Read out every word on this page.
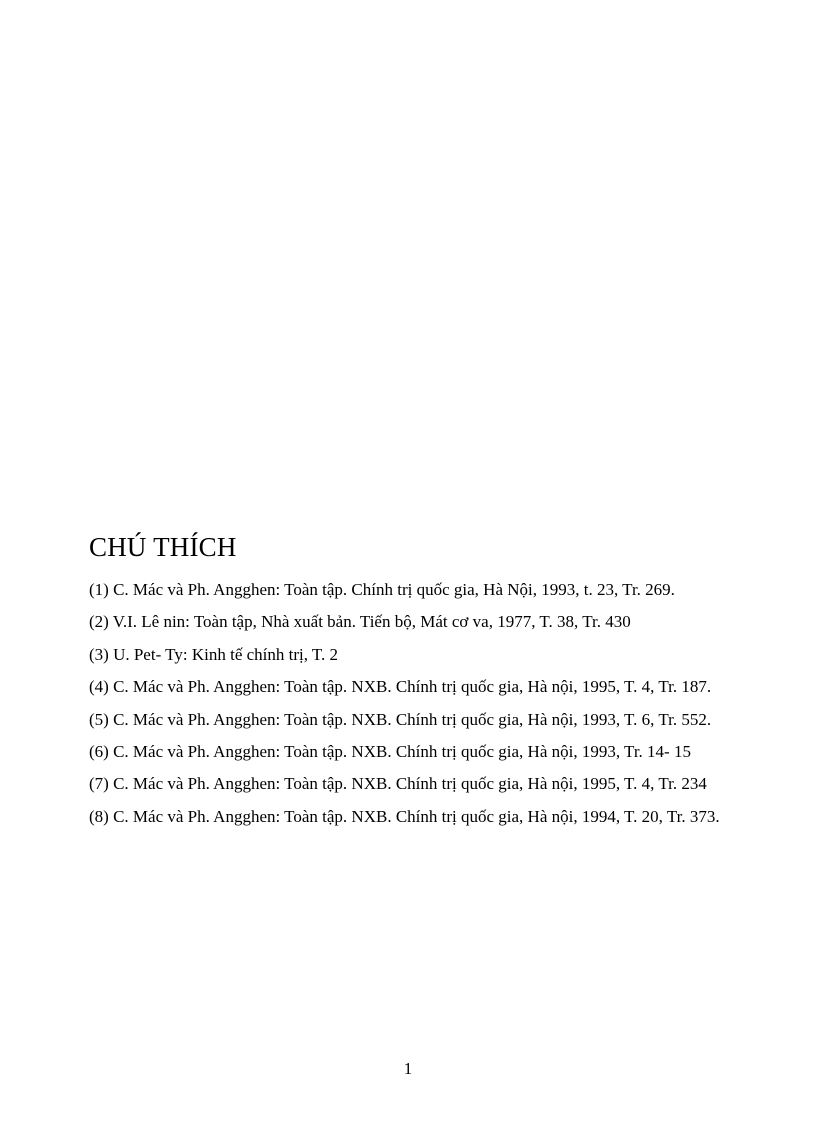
CHÚ THÍCH

(1) C. Mác và Ph. Angghen: Toàn tập. Chính trị quốc gia, Hà Nội, 1993, t. 23, Tr. 269.

(2) V.I. Lê nin: Toàn tập, Nhà xuất bản. Tiến bộ, Mát cơ va, 1977, T. 38, Tr. 430

(3) U. Pet- Ty: Kinh tế chính trị, T. 2

(4) C. Mác và Ph. Angghen: Toàn tập. NXB. Chính trị quốc gia, Hà nội, 1995, T. 4, Tr. 187.

(5) C. Mác và Ph. Angghen: Toàn tập. NXB. Chính trị quốc gia, Hà nội, 1993, T. 6, Tr. 552.

(6) C. Mác và Ph. Angghen: Toàn tập. NXB. Chính trị quốc gia, Hà nội, 1993, Tr. 14- 15

(7) C. Mác và Ph. Angghen: Toàn tập. NXB. Chính trị quốc gia, Hà nội, 1995, T. 4, Tr. 234

(8) C. Mác và Ph. Angghen: Toàn tập. NXB. Chính trị quốc gia, Hà nội, 1994, T. 20, Tr. 373.

1
